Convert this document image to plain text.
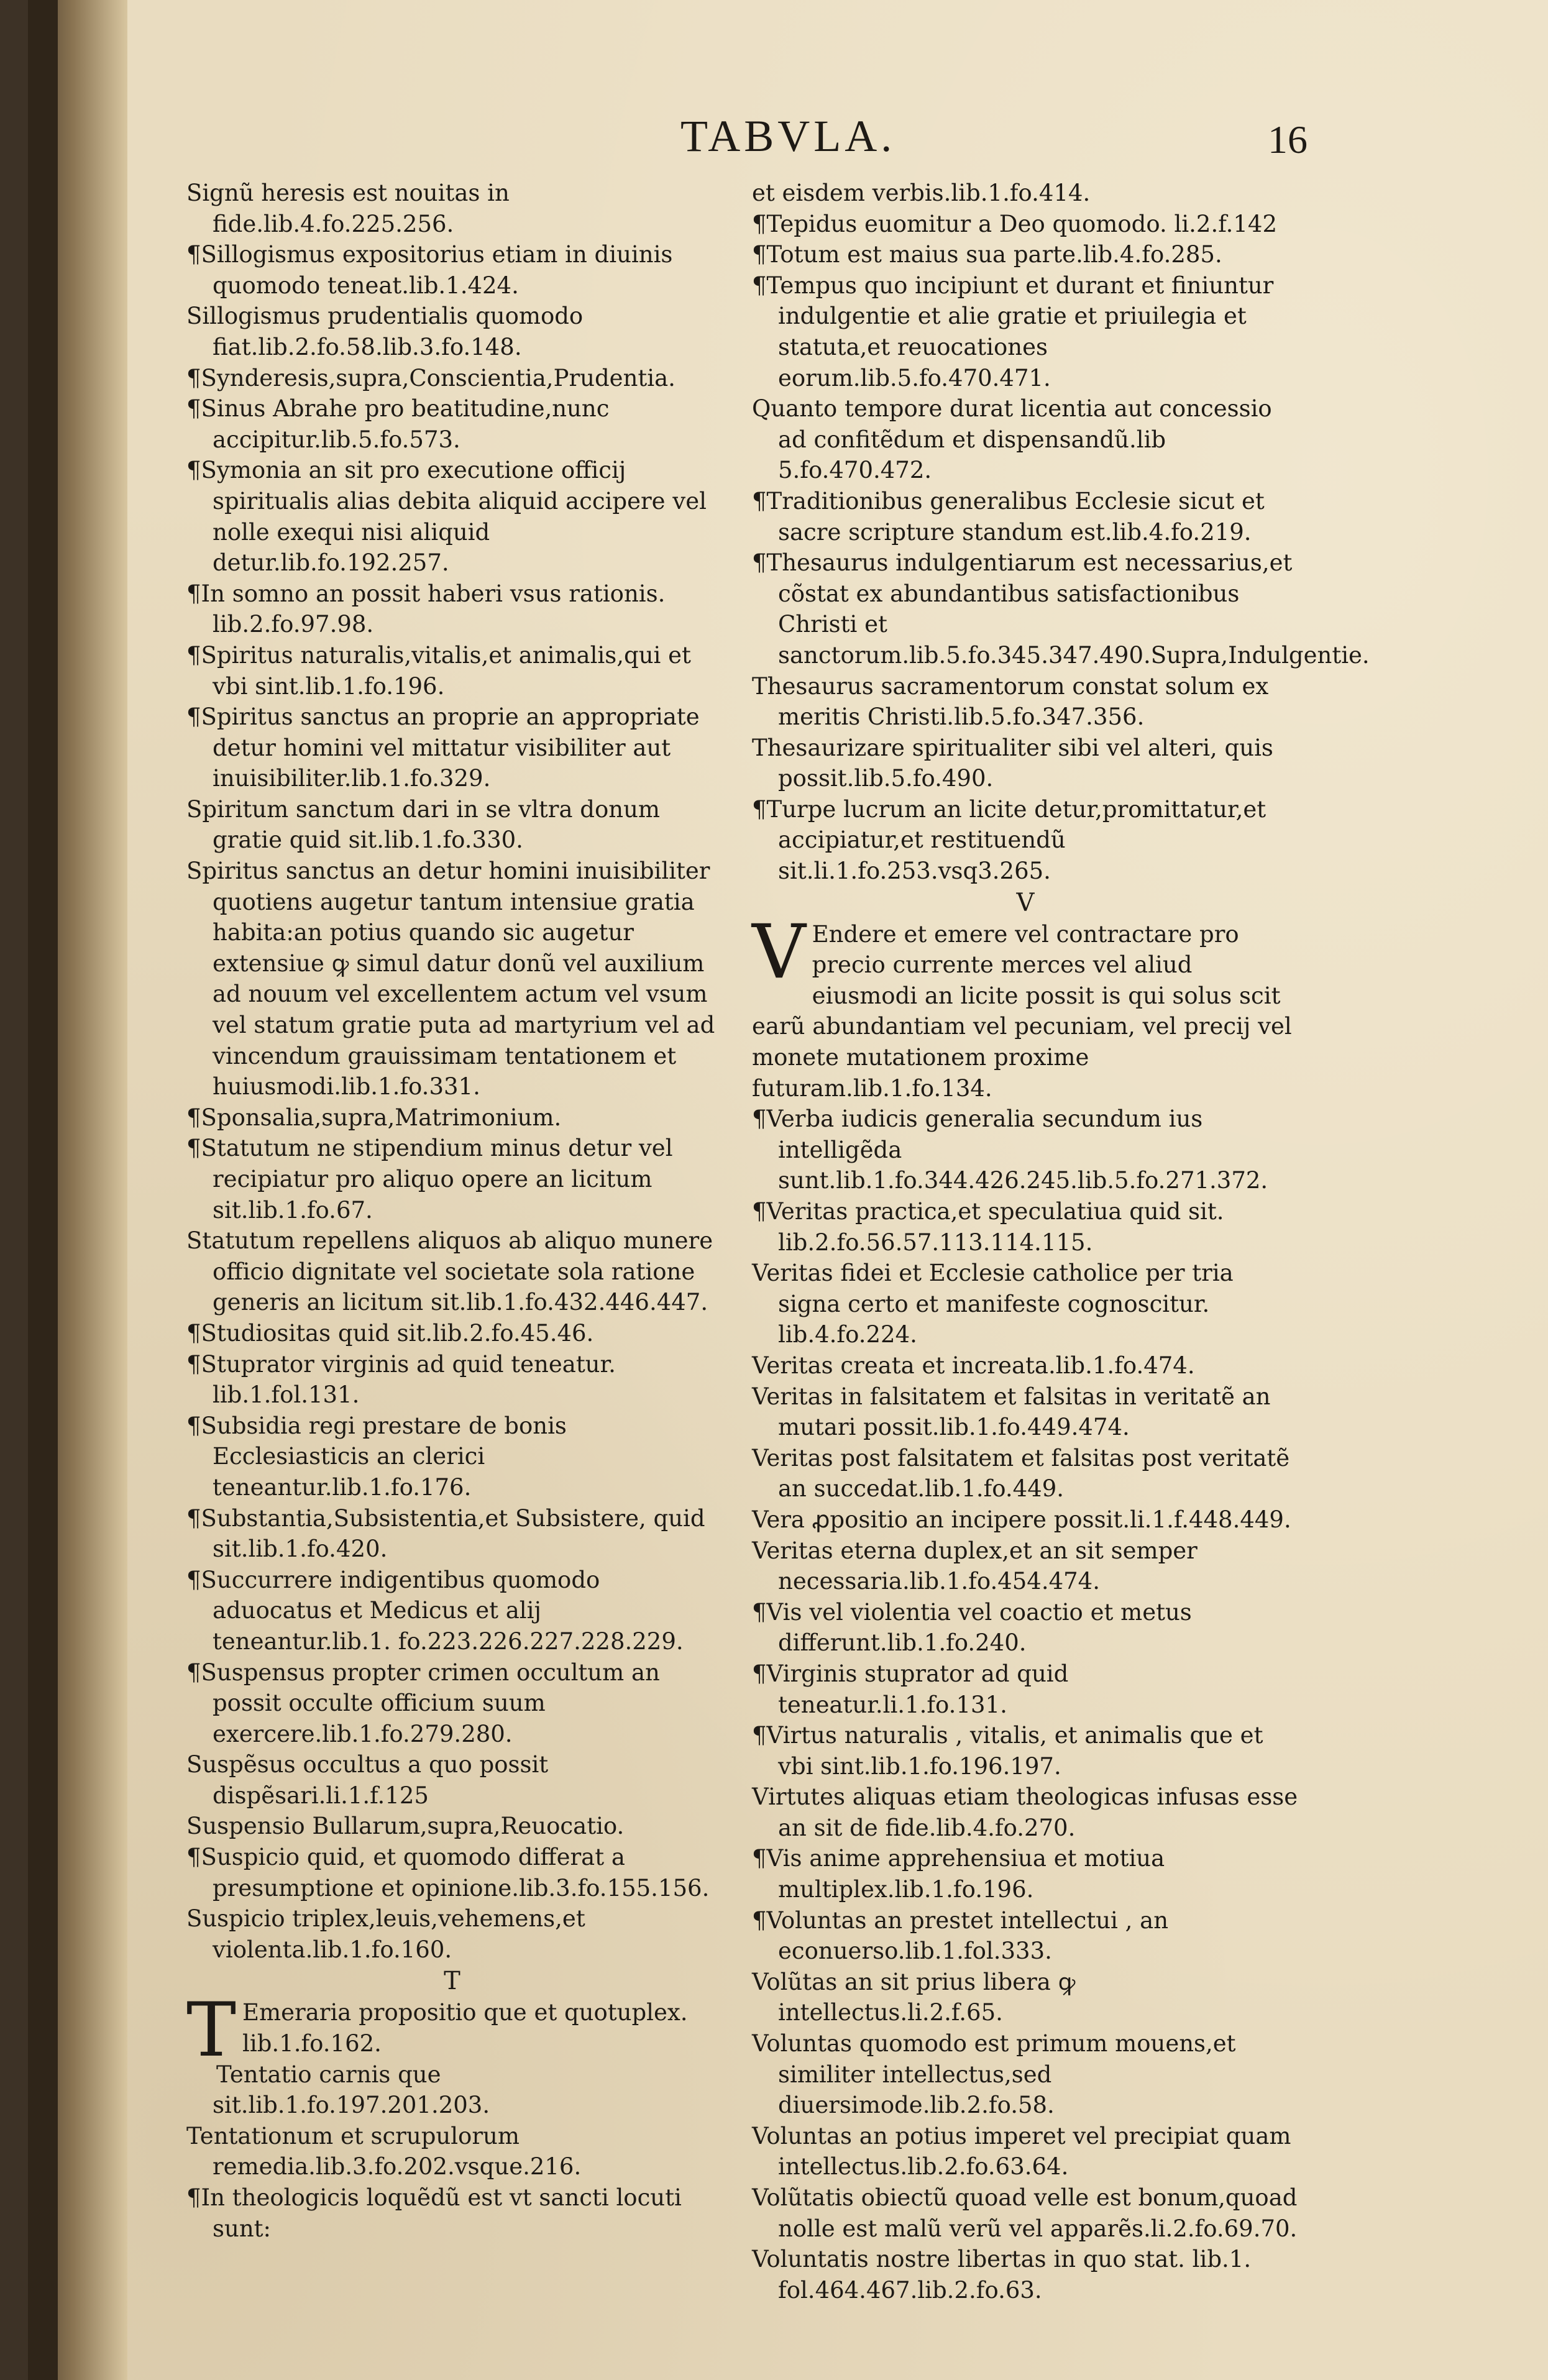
TABVLA.	16
Signũ heresis est nouitas in fide.lib.4.fo.225.256.
¶Sillogismus expositorius etiam in diuinis quomodo teneat.lib.1.424.
Sillogismus prudentialis quomodo fiat.lib.2.fo.58.lib.3.fo.148.
¶Synderesis,supra,Conscientia,Prudentia.
¶Sinus Abrahe pro beatitudine,nunc accipitur.lib.5.fo.573.
¶Symonia an sit pro executione officij spiritualis alias debita aliquid accipere vel nolle exequi nisi aliquid detur.lib.fo.192.257.
¶In somno an possit haberi vsus rationis. lib.2.fo.97.98.
¶Spiritus naturalis,vitalis,et animalis,qui et vbi sint.lib.1.fo.196.
¶Spiritus sanctus an proprie an appropriate detur homini vel mittatur visibiliter aut inuisibiliter.lib.1.fo.329.
Spiritum sanctum dari in se vltra donum gratie quid sit.lib.1.fo.330.
Spiritus sanctus an detur homini inuisibiliter quotiens augetur tantum intensiue gratia habita:an potius quando sic augetur extensiue ꝙ simul datur donũ vel auxilium ad nouum vel excellentem actum vel vsum vel statum gratie puta ad martyrium vel ad vincendum grauissimam tentationem et huiusmodi.lib.1.fo.331.
¶Sponsalia,supra,Matrimonium.
¶Statutum ne stipendium minus detur vel recipiatur pro aliquo opere an licitum sit.lib.1.fo.67.
Statutum repellens aliquos ab aliquo munere officio dignitate vel societate sola ratione generis an licitum sit.lib.1.fo.432.446.447.
¶Studiositas quid sit.lib.2.fo.45.46.
¶Stuprator virginis ad quid teneatur. lib.1.fol.131.
¶Subsidia regi prestare de bonis Ecclesiasticis an clerici teneantur.lib.1.fo.176.
¶Substantia,Subsistentia,et Subsistere, quid sit.lib.1.fo.420.
¶Succurrere indigentibus quomodo aduocatus et Medicus et alij teneantur.lib.1. fo.223.226.227.228.229.
¶Suspensus propter crimen occultum an possit occulte officium suum exercere.lib.1.fo.279.280.
Suspẽsus occultus a quo possit dispẽsari.li.1.f.125
Suspensio Bullarum,supra,Reuocatio.
¶Suspicio quid, et quomodo differat a presumptione et opinione.lib.3.fo.155.156.
Suspicio triplex,leuis,vehemens,et violenta.lib.1.fo.160.
T
T Emeraria propositio que et quotuplex. lib.1.fo.162.
Tentatio carnis que sit.lib.1.fo.197.201.203.
Tentationum et scrupulorum remedia.lib.3.fo.202.vsque.216.
¶In theologicis loquẽdũ est vt sancti locuti sunt:
et eisdem verbis.lib.1.fo.414.
¶Tepidus euomitur a Deo quomodo. li.2.f.142
¶Totum est maius sua parte.lib.4.fo.285.
¶Tempus quo incipiunt et durant et finiuntur indulgentie et alie gratie et priuilegia et statuta,et reuocationes eorum.lib.5.fo.470.471.
Quanto tempore durat licentia aut concessio ad confitẽdum et dispensandũ.lib 5.fo.470.472.
¶Traditionibus generalibus Ecclesie sicut et sacre scripture standum est.lib.4.fo.219.
¶Thesaurus indulgentiarum est necessarius,et cõstat ex abundantibus satisfactionibus Christi et sanctorum.lib.5.fo.345.347.490.Supra,Indulgentie.
Thesaurus sacramentorum constat solum ex meritis Christi.lib.5.fo.347.356.
Thesaurizare spiritualiter sibi vel alteri, quis possit.lib.5.fo.490.
¶Turpe lucrum an licite detur,promittatur,et accipiatur,et restituendũ sit.li.1.fo.253.vsq3.265.
V
V Endere et emere vel contractare pro precio currente merces vel aliud eiusmodi an licite possit is qui solus scit earũ abundantiam vel pecuniam, vel precij vel monete mutationem proxime futuram.lib.1.fo.134.
¶Verba iudicis generalia secundum ius intelligẽda sunt.lib.1.fo.344.426.245.lib.5.fo.271.372.
¶Veritas practica,et speculatiua quid sit. lib.2.fo.56.57.113.114.115.
Veritas fidei et Ecclesie catholice per tria signa certo et manifeste cognoscitur. lib.4.fo.224.
Veritas creata et increata.lib.1.fo.474.
Veritas in falsitatem et falsitas in veritatẽ an mutari possit.lib.1.fo.449.474.
Veritas post falsitatem et falsitas post veritatẽ an succedat.lib.1.fo.449.
Vera ꝓpositio an incipere possit.li.1.f.448.449.
Veritas eterna duplex,et an sit semper necessaria.lib.1.fo.454.474.
¶Vis vel violentia vel coactio et metus differunt.lib.1.fo.240.
¶Virginis stuprator ad quid teneatur.li.1.fo.131.
¶Virtus naturalis , vitalis, et animalis que et vbi sint.lib.1.fo.196.197.
Virtutes aliquas etiam theologicas infusas esse an sit de fide.lib.4.fo.270.
¶Vis anime apprehensiua et motiua multiplex.lib.1.fo.196.
¶Voluntas an prestet intellectui , an econuerso.lib.1.fol.333.
Volũtas an sit prius libera ꝙ intellectus.li.2.f.65.
Voluntas quomodo est primum mouens,et similiter intellectus,sed diuersimode.lib.2.fo.58.
Voluntas an potius imperet vel precipiat quam intellectus.lib.2.fo.63.64.
Volũtatis obiectũ quoad velle est bonum,quoad nolle est malũ verũ vel apparẽs.li.2.fo.69.70.
Voluntatis nostre libertas in quo stat. lib.1. fol.464.467.lib.2.fo.63.
